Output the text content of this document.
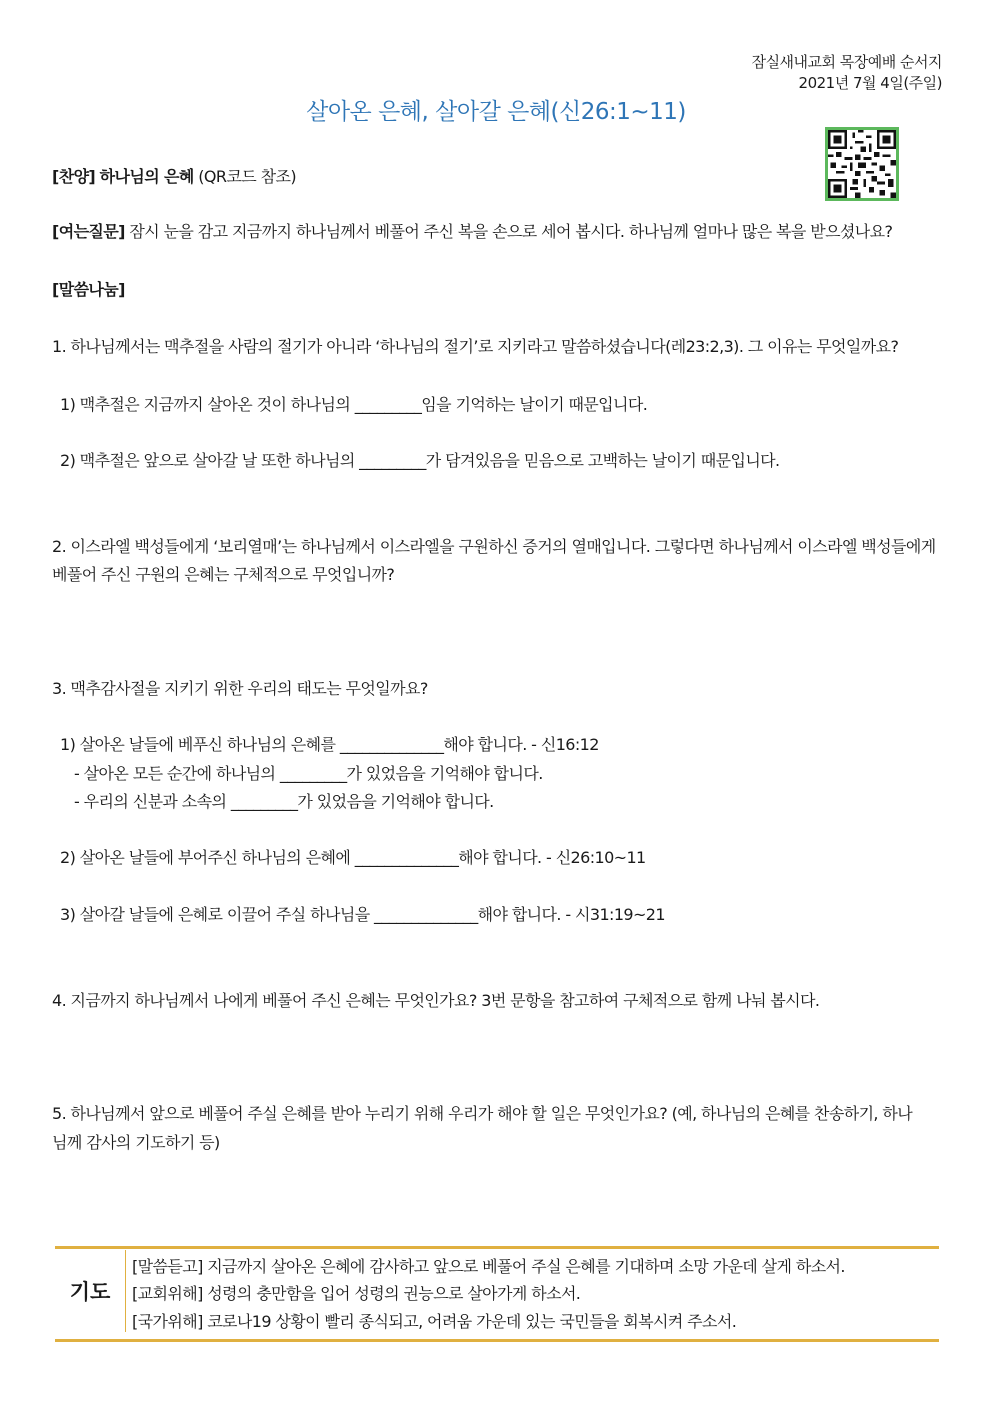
잠실새내교회 목장예배 순서지
2021년 7월 4일(주일)
살아온 은혜, 살아갈 은혜(신26:1~11)
[찬양] 하나님의 은혜 (QR코드 참조)
[여는질문] 잠시 눈을 감고 지금까지 하나님께서 베풀어 주신 복을 손으로 세어 봅시다. 하나님께 얼마나 많은 복을 받으셨나요?
[말씀나눔]
1. 하나님께서는 맥추절을 사람의 절기가 아니라 ‘하나님의 절기’로 지키라고 말씀하셨습니다(레23:2,3). 그 이유는 무엇일까요?
1) 맥추절은 지금까지 살아온 것이 하나님의 _________임을 기억하는 날이기 때문입니다.
2) 맥추절은 앞으로 살아갈 날 또한 하나님의 _________가 담겨있음을 믿음으로 고백하는 날이기 때문입니다.
2. 이스라엘 백성들에게 ‘보리열매’는 하나님께서 이스라엘을 구원하신 증거의 열매입니다. 그렇다면 하나님께서 이스라엘 백성들에게
베풀어 주신 구원의 은혜는 구체적으로 무엇입니까?
3. 맥추감사절을 지키기 위한 우리의 태도는 무엇일까요?
1) 살아온 날들에 베푸신 하나님의 은혜를 ______________해야 합니다. - 신16:12
- 살아온 모든 순간에 하나님의 _________가 있었음을 기억해야 합니다.
- 우리의 신분과 소속의 _________가 있었음을 기억해야 합니다.
2) 살아온 날들에 부어주신 하나님의 은혜에 ______________해야 합니다. - 신26:10~11
3) 살아갈 날들에 은혜로 이끌어 주실 하나님을 ______________해야 합니다. - 시31:19~21
4. 지금까지 하나님께서 나에게 베풀어 주신 은혜는 무엇인가요? 3번 문항을 참고하여 구체적으로 함께 나눠 봅시다.
5. 하나님께서 앞으로 베풀어 주실 은혜를 받아 누리기 위해 우리가 해야 할 일은 무엇인가요? (예, 하나님의 은혜를 찬송하기, 하나
님께 감사의 기도하기 등)
기도
[말씀듣고] 지금까지 살아온 은혜에 감사하고 앞으로 베풀어 주실 은혜를 기대하며 소망 가운데 살게 하소서.
[교회위해] 성령의 충만함을 입어 성령의 권능으로 살아가게 하소서.
[국가위해] 코로나19 상황이 빨리 종식되고, 어려움 가운데 있는 국민들을 회복시켜 주소서.
